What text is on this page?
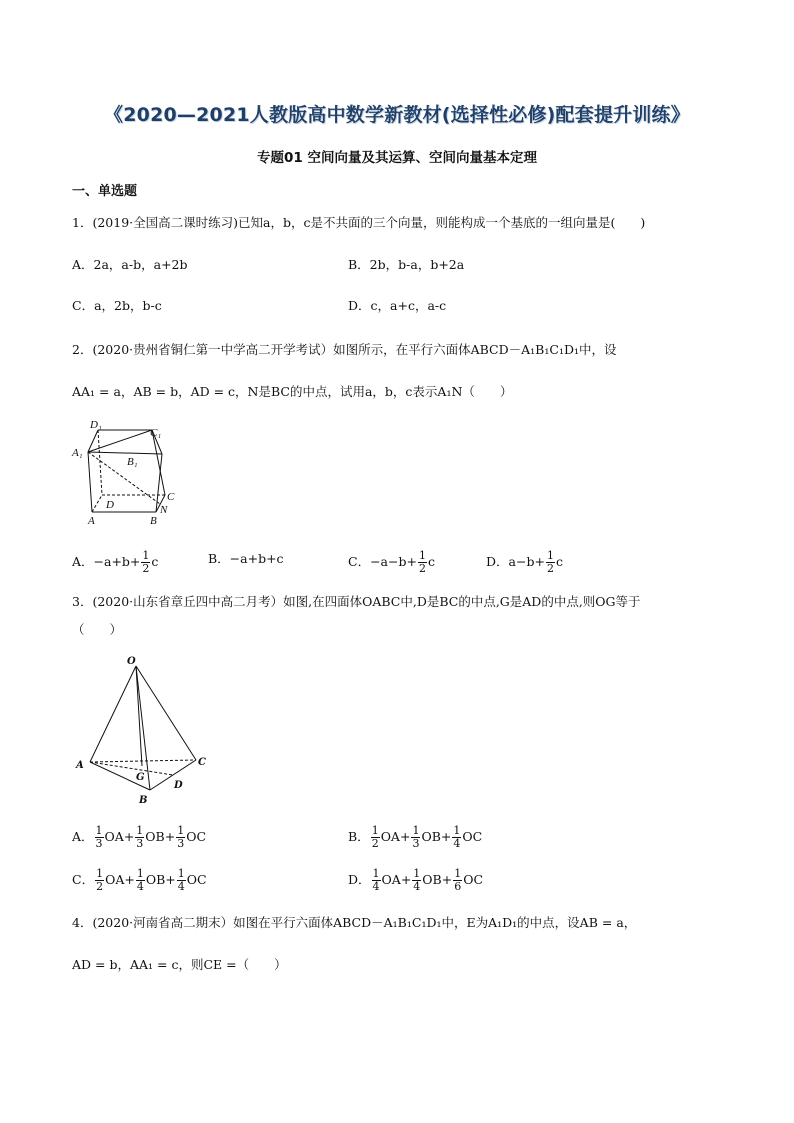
《2020—2021人教版高中数学新教材(选择性必修)配套提升训练》
专题01 空间向量及其运算、空间向量基本定理
一、单选题
1．(2019·全国高二课时练习)已知a，b，c是不共面的三个向量，则能构成一个基底的一组向量是(　　)
A．2a，a-b，a+2b	B．2b，b-a，b+2a
C．a，2b，b-c	D．c，a+c，a-c
2．(2020·贵州省铜仁第一中学高二开学考试）如图所示，在平行六面体ABCD－A₁B₁C₁D₁中，设
AA₁ = a，AB = b，AD = c，N是BC的中点，试用a，b，c表示A₁N（　　）
D₁
C₁
A₁
B₁
D
C
A	B
N
A．$-a+b+ \frac{1}{2}$ c	B．−a+b+c	C．$-a-b+ \frac{1}{2}$ c	D．$a-b+ \frac{1}{2}$ c
3．(2020·山东省章丘四中高二月考）如图,在四面体OABC中,D是BC的中点,G是AD的中点,则OG等于
（　　）
O
A	C
G
D
B
A． $\frac{1}{3} OA+ \frac{1}{3} OB+ \frac{1}{3}$ OC	B． $\frac{1}{2} OA+ \frac{1}{3} OB+ \frac{1}{4}$ OC
C． $\frac{1}{2} OA+ \frac{1}{4} OB+ \frac{1}{4}$ OC	D． $\frac{1}{4} OA+ \frac{1}{4} OB+ \frac{1}{6}$ OC
4．(2020·河南省高二期末）如图在平行六面体ABCD－A₁B₁C₁D₁中，E为A₁D₁的中点，设AB = a，
AD = b，AA₁ = c，则CE =（　　）
